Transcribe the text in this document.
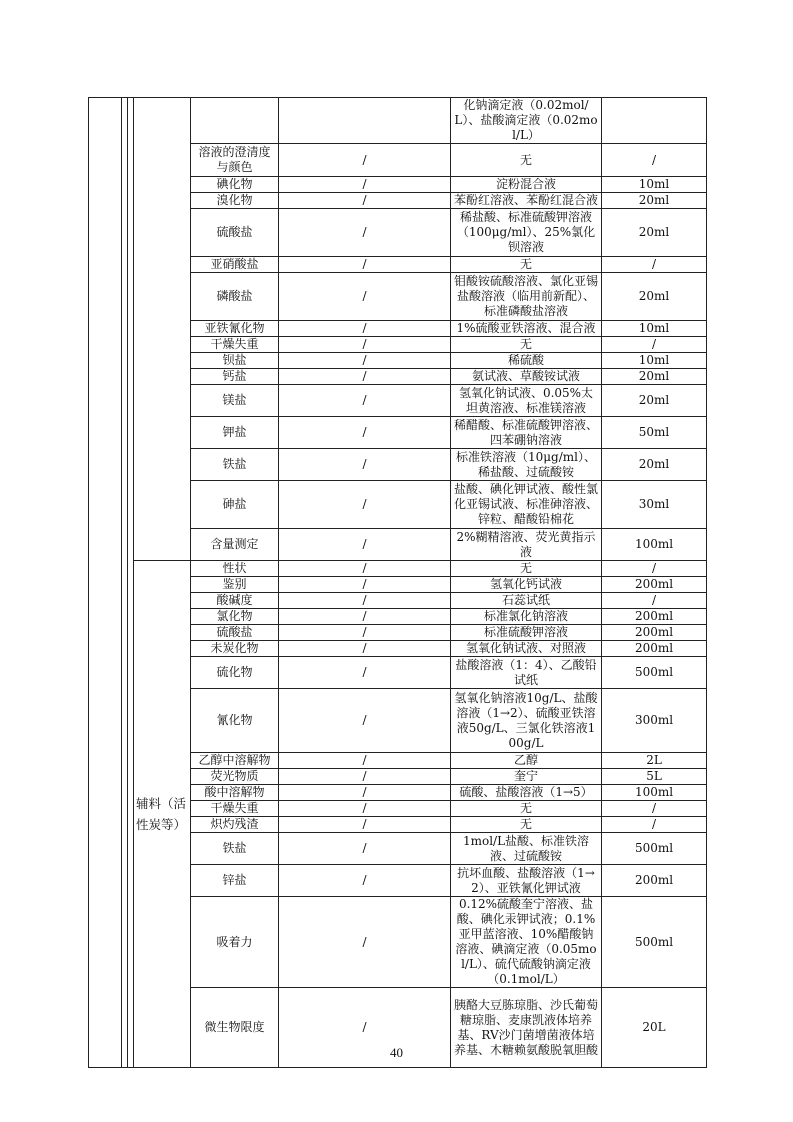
						化钠滴定液（0.02mol/L）、盐酸滴定液（0.02mol/L）	
				溶液的澄清度与颜色	/	无	/
				碘化物	/	淀粉混合液	10ml
				溴化物	/	苯酚红溶液、苯酚红混合液	20ml
				硫酸盐	/	稀盐酸、标准硫酸钾溶液（100μg/ml）、25%氯化钡溶液	20ml
				亚硝酸盐	/	无	/
				磷酸盐	/	钼酸铵硫酸溶液、氯化亚锡盐酸溶液（临用前新配）、标准磷酸盐溶液	20ml
				亚铁氰化物	/	1%硫酸亚铁溶液、混合液	10ml
				干燥失重	/	无	/
				钡盐	/	稀硫酸	10ml
				钙盐	/	氨试液、草酸铵试液	20ml
				镁盐	/	氢氧化钠试液、0.05%太坦黄溶液、标准镁溶液	20ml
				钾盐	/	稀醋酸、标准硫酸钾溶液、四苯硼钠溶液	50ml
				铁盐	/	标准铁溶液（10μg/ml）、稀盐酸、过硫酸铵	20ml
				砷盐	/	盐酸、碘化钾试液、酸性氯化亚锡试液、标准砷溶液、锌粒、醋酸铅棉花	30ml
				含量测定	/	2%糊精溶液、荧光黄指示液	100ml
			辅料（活性炭等）	性状	/	无	/
				鉴别	/	氢氧化钙试液	200ml
				酸碱度	/	石蕊试纸	/
				氯化物	/	标准氯化钠溶液	200ml
				硫酸盐	/	标准硫酸钾溶液	200ml
				未炭化物	/	氢氧化钠试液、对照液	200ml
				硫化物	/	盐酸溶液（1：4）、乙酸铅试纸	500ml
				氰化物	/	氢氧化钠溶液10g/L、盐酸溶液（1→2）、硫酸亚铁溶液50g/L、三氯化铁溶液100g/L	300ml
				乙醇中溶解物	/	乙醇	2L
				荧光物质	/	奎宁	5L
				酸中溶解物	/	硫酸、盐酸溶液（1→5）	100ml
				干燥失重	/	无	/
				炽灼残渣	/	无	/
				铁盐	/	1mol/L盐酸、标准铁溶液、过硫酸铵	500ml
				锌盐	/	抗坏血酸、盐酸溶液（1→2）、亚铁氰化钾试液	200ml
				吸着力	/	0.12%硫酸奎宁溶液、盐酸、碘化汞钾试液；0.1%亚甲蓝溶液、10%醋酸钠溶液、碘滴定液（0.05mol/L）、硫代硫酸钠滴定液（0.1mol/L）	500ml
				微生物限度	/	胰酪大豆胨琼脂、沙氏葡萄糖琼脂、麦康凯液体培养基、RV沙门菌增菌液体培养基、木糖赖氨酸脱氧胆酸	20L
40
